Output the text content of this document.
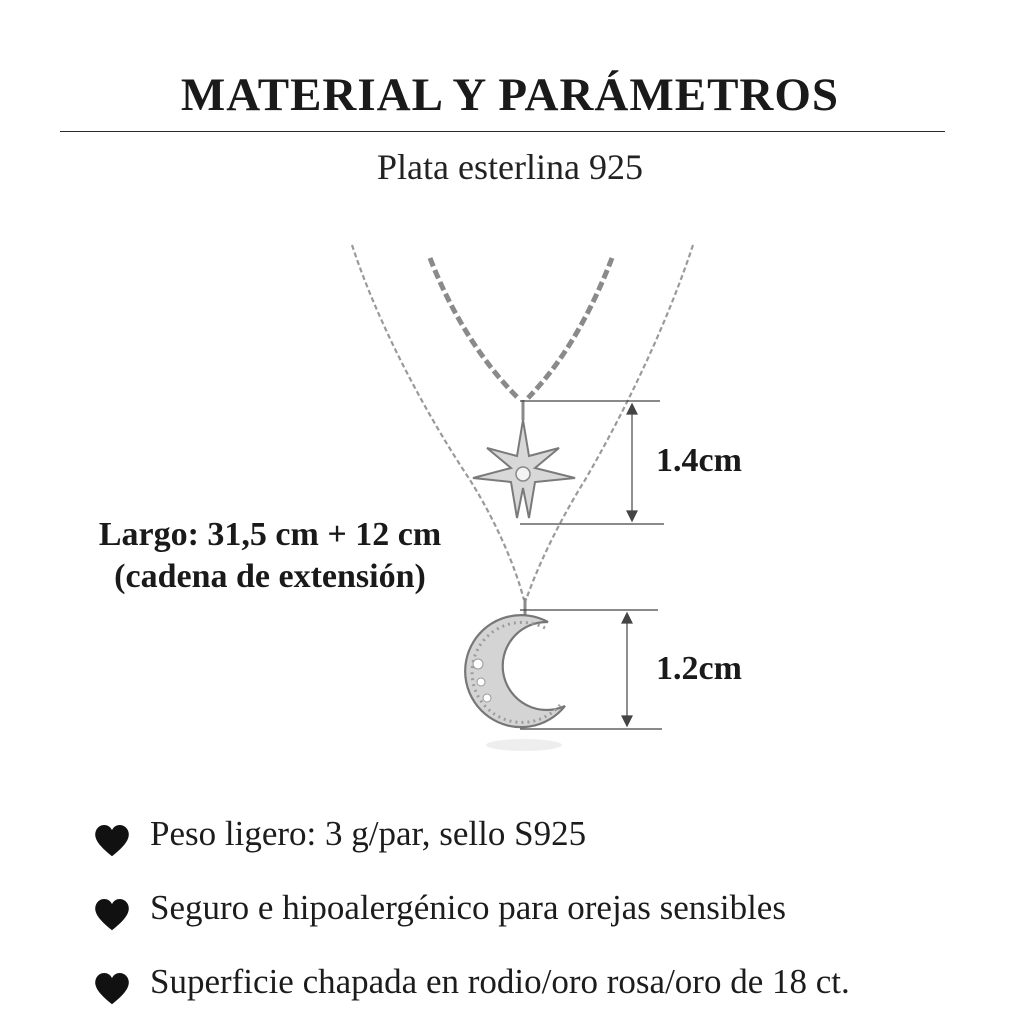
MATERIAL Y PARÁMETROS
Plata esterlina 925
Largo: 31,5 cm + 12 cm
(cadena de extensión)
1.4cm
1.2cm
Peso ligero: 3 g/par, sello S925
Seguro e hipoalergénico para orejas sensibles
Superficie chapada en rodio/oro rosa/oro de 18 ct.
